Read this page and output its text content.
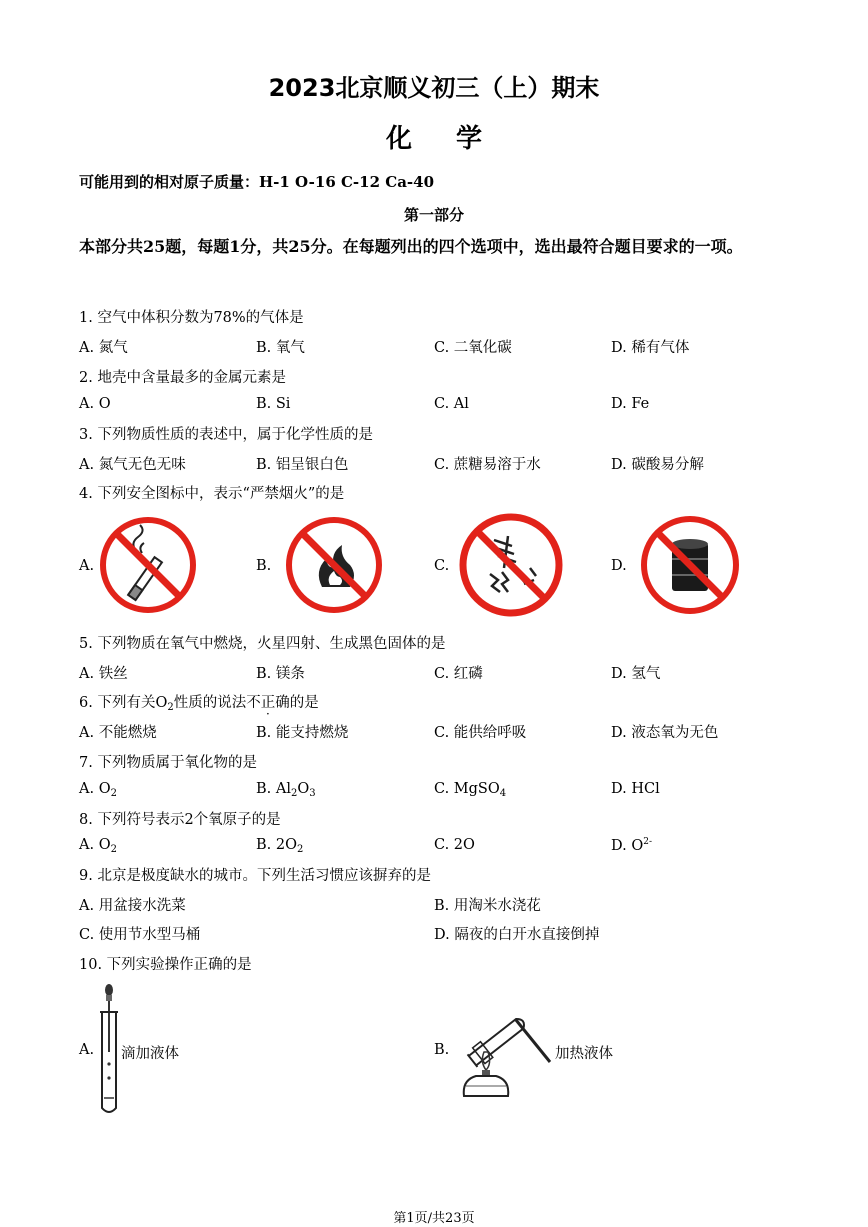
2023北京顺义初三（上）期末
化学
可能用到的相对原子质量：H-1 O-16 C-12 Ca-40
第一部分
本部分共25题，每题1分，共25分。在每题列出的四个选项中，选出最符合题目要求的一项。
1. 空气中体积分数为78%的气体是
A. 氮气	B. 氧气	C. 二氧化碳	D. 稀有气体
2. 地壳中含量最多的金属元素是
A. O	B. Si	C. Al	D. Fe
3. 下列物质性质的表述中，属于化学性质的是
A. 氮气无色无味	B. 铝呈银白色	C. 蔗糖易溶于水	D. 碳酸易分解
4. 下列安全图标中，表示“严禁烟火”的是
A.	B.	C.	D.
5. 下列物质在氧气中燃烧，火星四射、生成黑色固体的是
A. 铁丝	B. 镁条	C. 红磷	D. 氢气
6. 下列有关$O_2$性质的说法不正确的是
A. 不能燃烧	B. 能支持燃烧	C. 能供给呼吸	D. 液态氧为无色
7. 下列物质属于氧化物的是
A. $O_2$	B. $Al_2O_3$	C. MgSO$_4$	D. HCl
8. 下列符号表示2个氧原子的是
A. $O_2$	B. $2O_2$	C. 2O	D. $O^{2-}$
9. 北京是极度缺水的城市。下列生活习惯应该摒弃的是
A. 用盆接水洗菜	B. 用淘米水浇花
C. 使用节水型马桶	D. 隔夜的白开水直接倒掉
10. 下列实验操作正确的是
A. 滴加液体	B.	加热液体
第1页/共23页
